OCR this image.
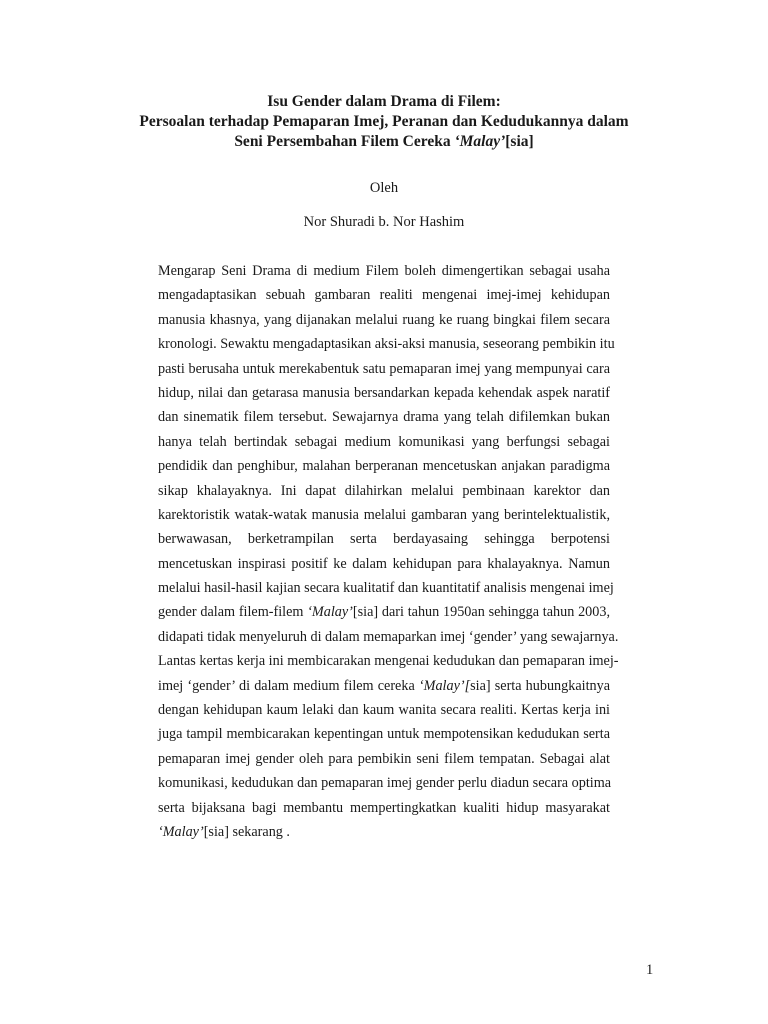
Isu Gender dalam Drama di Filem:
Persoalan terhadap Pemaparan Imej, Peranan dan Kedudukannya dalam
Seni Persembahan Filem Cereka ‘Malay’[sia]
Oleh
Nor Shuradi b. Nor Hashim
Mengarap Seni Drama di medium Filem boleh dimengertikan sebagai usaha
mengadaptasikan sebuah gambaran realiti mengenai imej-imej kehidupan
manusia khasnya, yang dijanakan melalui ruang ke ruang bingkai filem secara
kronologi. Sewaktu mengadaptasikan aksi-aksi manusia, seseorang pembikin itu
pasti berusaha untuk merekabentuk satu pemaparan imej yang mempunyai cara
hidup, nilai dan getarasa manusia bersandarkan kepada kehendak aspek naratif
dan sinematik filem tersebut. Sewajarnya drama yang telah difilemkan bukan
hanya telah bertindak sebagai medium komunikasi yang berfungsi sebagai
pendidik dan penghibur, malahan berperanan mencetuskan anjakan paradigma
sikap khalayaknya. Ini dapat dilahirkan melalui pembinaan karektor dan
karektoristik watak-watak manusia melalui gambaran yang berintelektualistik,
berwawasan, berketrampilan serta berdayasaing sehingga berpotensi
mencetuskan inspirasi positif ke dalam kehidupan para khalayaknya. Namun
melalui hasil-hasil kajian secara kualitatif dan kuantitatif analisis mengenai imej
gender dalam filem-filem ‘Malay’[sia] dari tahun 1950an sehingga tahun 2003,
didapati tidak menyeluruh di dalam memaparkan imej ‘gender’ yang sewajarnya.
Lantas kertas kerja ini membicarakan mengenai kedudukan dan pemaparan imej-
imej ‘gender’ di dalam medium filem cereka ‘Malay’[sia] serta hubungkaitnya
dengan kehidupan kaum lelaki dan kaum wanita secara realiti. Kertas kerja ini
juga tampil membicarakan kepentingan untuk mempotensikan kedudukan serta
pemaparan imej gender oleh para pembikin seni filem tempatan. Sebagai alat
komunikasi, kedudukan dan pemaparan imej gender perlu diadun secara optima
serta bijaksana bagi membantu mempertingkatkan kualiti hidup masyarakat
‘Malay’[sia] sekarang .
1
